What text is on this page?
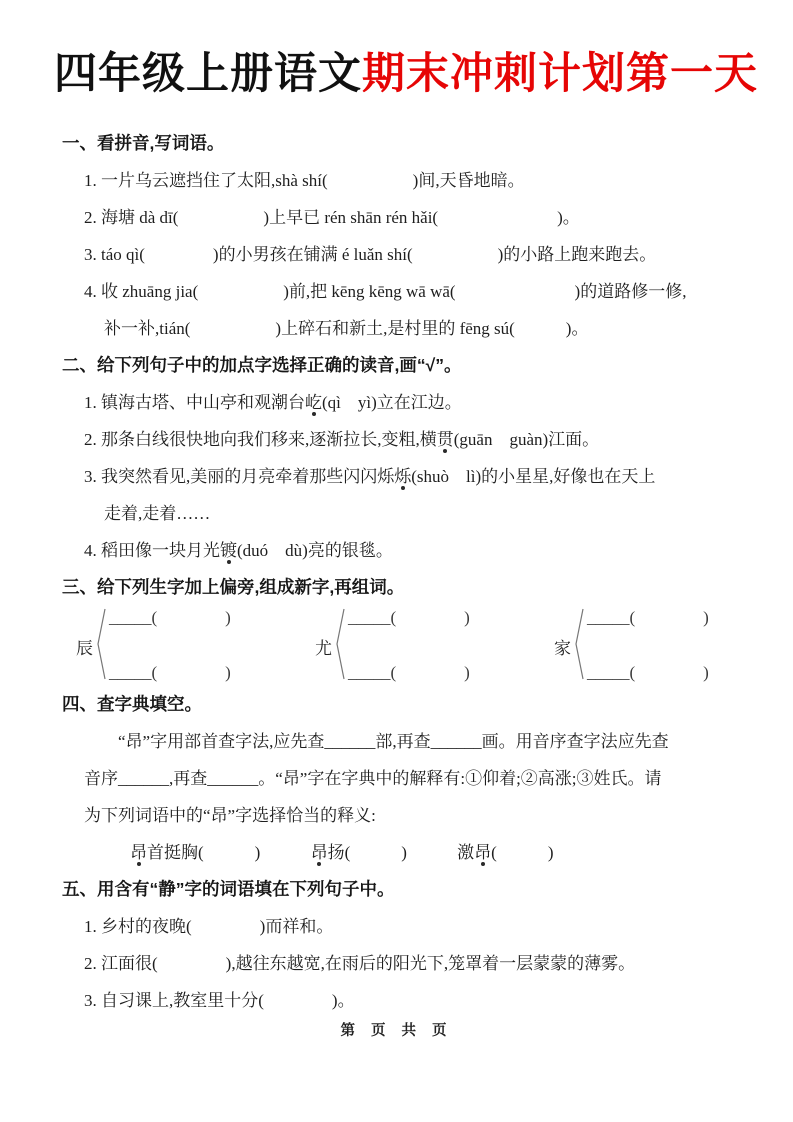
四年级上册语文期末冲刺计划第一天
一、看拼音,写词语。
1. 一片乌云遮挡住了太阳,shà shí(　　　　　)间,天昏地暗。
2. 海塘 dà dī(　　　　　)上早已 rén shān rén hǎi(　　　　　　　)。
3. táo qì(　　　　)的小男孩在铺满 é luǎn shí(　　　　　)的小路上跑来跑去。
4. 收 zhuāng jia(　　　　　)前,把 kēng kēng wā wā(　　　　　　　)的道路修一修,
补一补,tián(　　　　　)上碎石和新土,是村里的 fēng sú(　　　)。
二、给下列句子中的加点字选择正确的读音,画“√”。
1. 镇海古塔、中山亭和观潮台屹(qì　yì)立在江边。
2. 那条白线很快地向我们移来,逐渐拉长,变粗,横贯(guān　guàn)江面。
3. 我突然看见,美丽的月亮牵着那些闪闪烁烁(shuò　lì)的小星星,好像也在天上
走着,走着……
4. 稻田像一块月光镀(duó　dù)亮的银毯。
三、给下列生字加上偏旁,组成新字,再组词。
辰
_____(　　　　)
_____(　　　　)
尤
_____(　　　　)
_____(　　　　)
家
_____(　　　　)
_____(　　　　)
四、查字典填空。
“昂”字用部首查字法,应先查______部,再查______画。用音序查字法应先查
音序______,再查______。“昂”字在字典中的解释有:①仰着;②高涨;③姓氏。请
为下列词语中的“昂”字选择恰当的释义:
昂首挺胸(　　　)	昂扬(　　　)	激昂(　　　)
五、用含有“静”字的词语填在下列句子中。
1. 乡村的夜晚(　　　　)而祥和。
2. 江面很(　　　　),越往东越宽,在雨后的阳光下,笼罩着一层蒙蒙的薄雾。
3. 自习课上,教室里十分(　　　　)。
第 页 共 页
